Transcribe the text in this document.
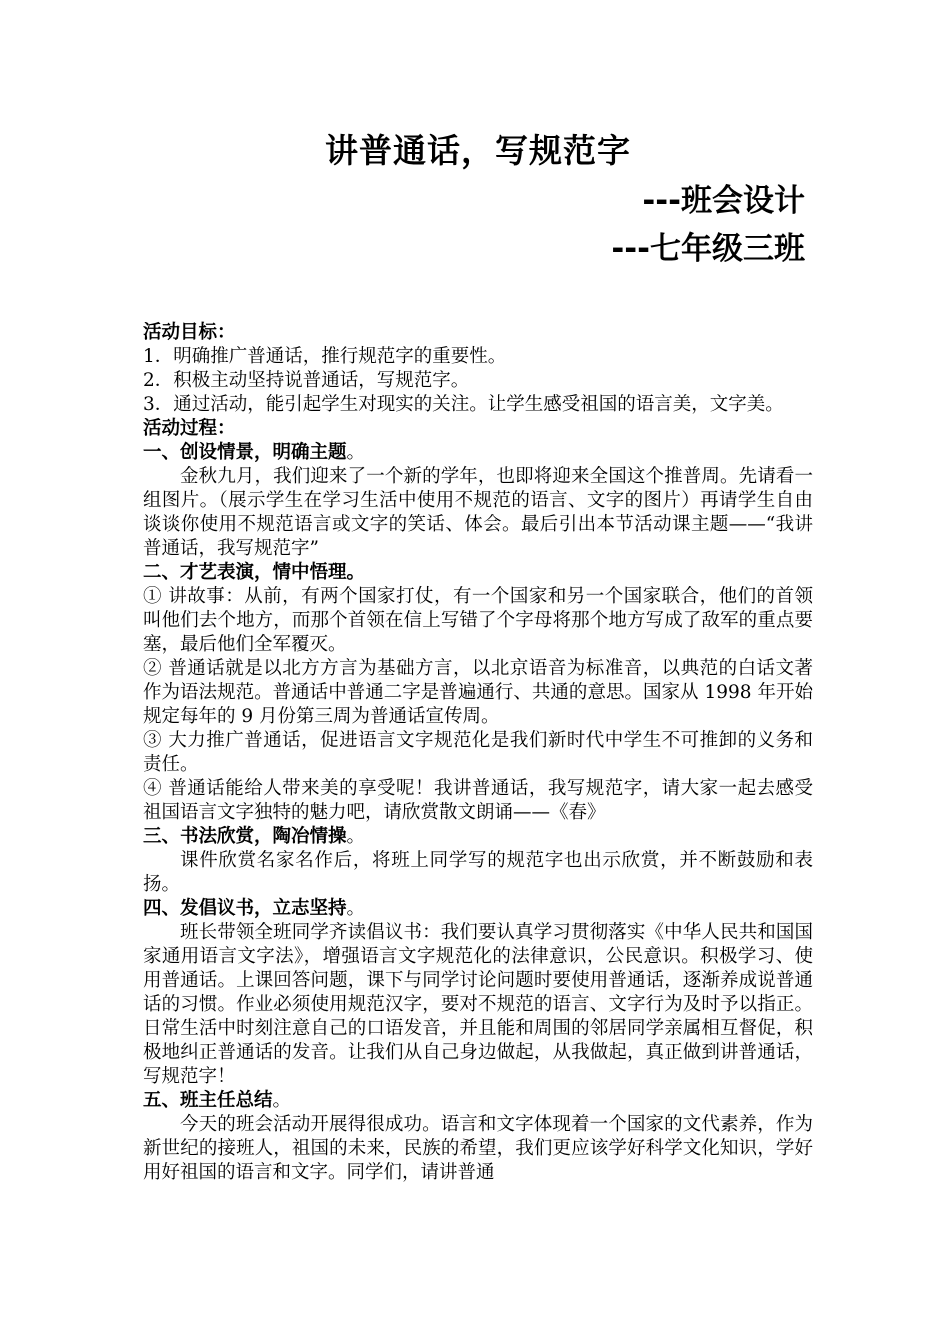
讲普通话，写规范字
---班会设计
---七年级三班

活动目标：

1．明确推广普通话，推行规范字的重要性。

2．积极主动坚持说普通话，写规范字。

3．通过活动，能引起学生对现实的关注。让学生感受祖国的语言美，文字美。

活动过程：

一、创设情景，明确主题。

金秋九月，我们迎来了一个新的学年，也即将迎来全国这个推普周。先请看一组图片。（展示学生在学习生活中使用不规范的语言、文字的图片）再请学生自由谈谈你使用不规范语言或文字的笑话、体会。最后引出本节活动课主题——“我讲普通话，我写规范字”

二、才艺表演，情中悟理。

① 讲故事：从前，有两个国家打仗，有一个国家和另一个国家联合，他们的首领叫他们去个地方，而那个首领在信上写错了个字母将那个地方写成了敌军的重点要塞，最后他们全军覆灭。

② 普通话就是以北方方言为基础方言，以北京语音为标准音，以典范的白话文著作为语法规范。普通话中普通二字是普遍通行、共通的意思。国家从 1998 年开始规定每年的 9 月份第三周为普通话宣传周。

③ 大力推广普通话，促进语言文字规范化是我们新时代中学生不可推卸的义务和责任。

④ 普通话能给人带来美的享受呢！我讲普通话，我写规范字，请大家一起去感受祖国语言文字独特的魅力吧，请欣赏散文朗诵——《春》

三、书法欣赏，陶冶情操。

课件欣赏名家名作后，将班上同学写的规范字也出示欣赏，并不断鼓励和表扬。

四、发倡议书，立志坚持。

班长带领全班同学齐读倡议书：我们要认真学习贯彻落实《中华人民共和国国家通用语言文字法》，增强语言文字规范化的法律意识，公民意识。积极学习、使用普通话。上课回答问题，课下与同学讨论问题时要使用普通话，逐渐养成说普通话的习惯。作业必须使用规范汉字，要对不规范的语言、文字行为及时予以指正。日常生活中时刻注意自己的口语发音，并且能和周围的邻居同学亲属相互督促，积极地纠正普通话的发音。让我们从自己身边做起，从我做起，真正做到讲普通话，写规范字！

五、班主任总结。

今天的班会活动开展得很成功。语言和文字体现着一个国家的文代素养，作为新世纪的接班人，祖国的未来，民族的希望，我们更应该学好科学文化知识，学好用好祖国的语言和文字。同学们，请讲普通
